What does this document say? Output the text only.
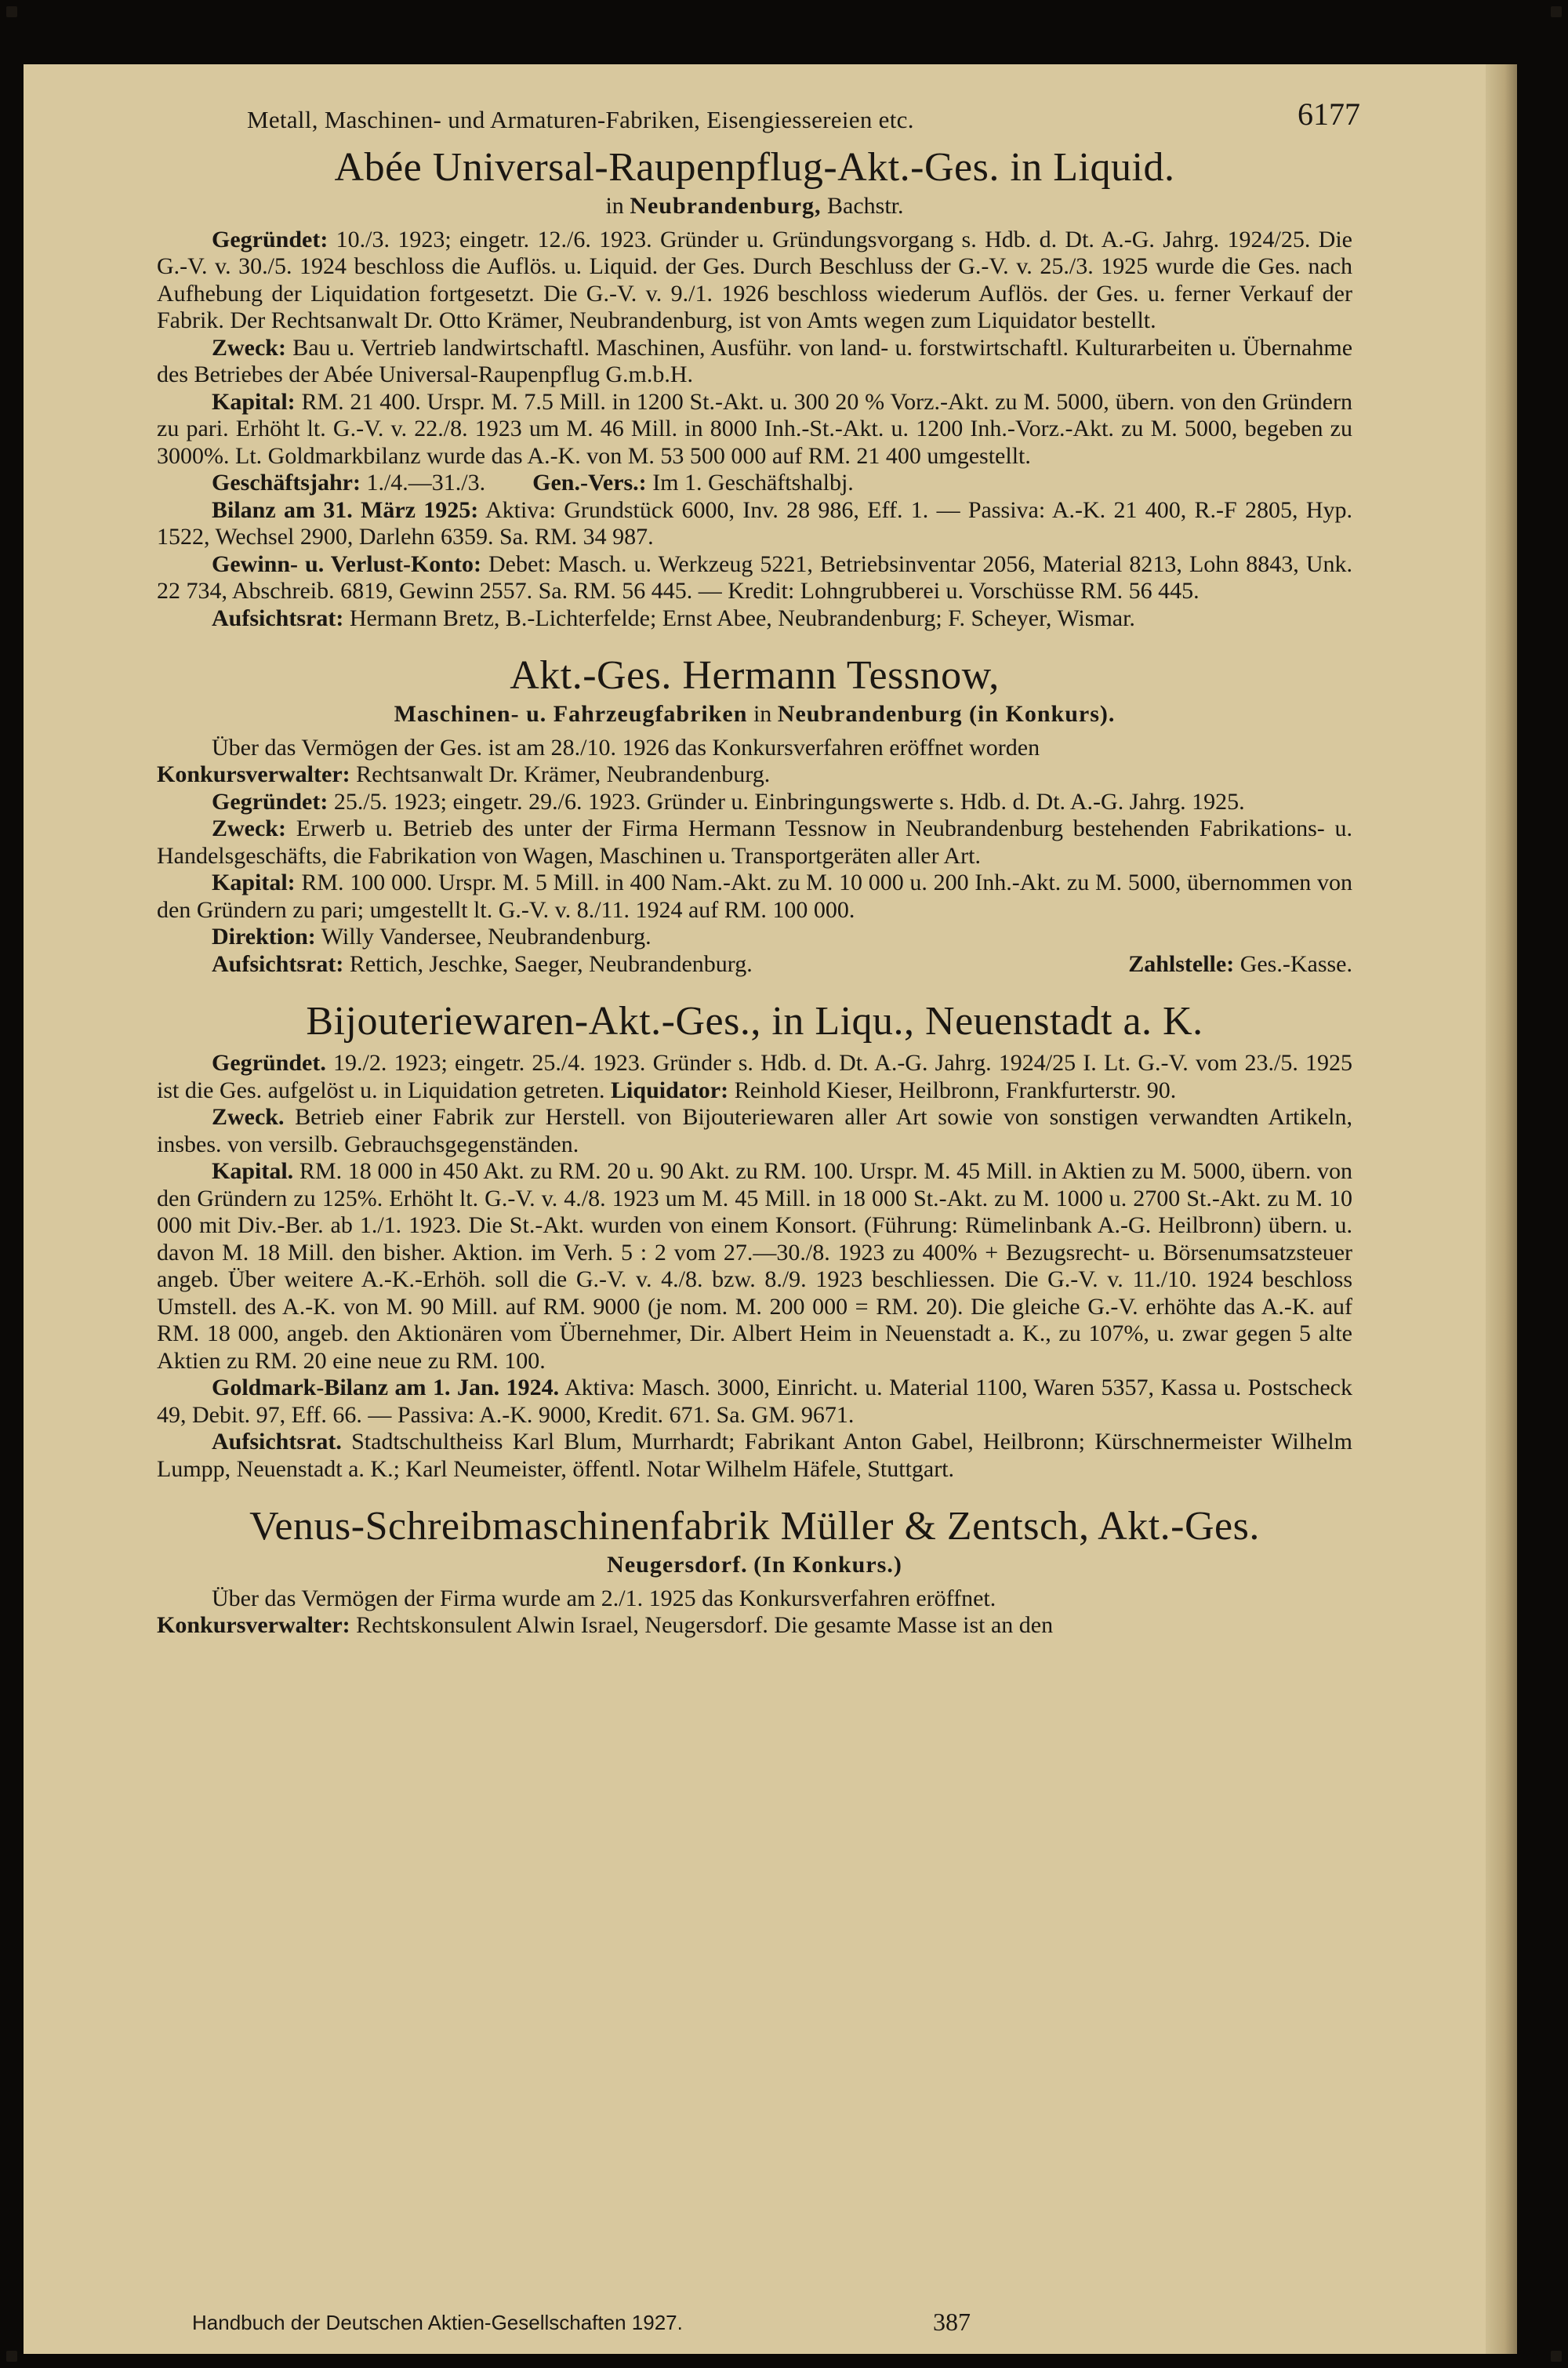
Metall, Maschinen- und Armaturen-Fabriken, Eisengiessereien etc.	6177
Abée Universal-Raupenpflug-Akt.-Ges. in Liquid.
in Neubrandenburg, Bachstr.

Gegründet: 10./3. 1923; eingetr. 12./6. 1923. Gründer u. Gründungsvorgang s. Hdb. d. Dt. A.-G. Jahrg. 1924/25. Die G.-V. v. 30./5. 1924 beschloss die Auflös. u. Liquid. der Ges. Durch Beschluss der G.-V. v. 25./3. 1925 wurde die Ges. nach Aufhebung der Liquidation fortgesetzt. Die G.-V. v. 9./1. 1926 beschloss wiederum Auflös. der Ges. u. ferner Verkauf der Fabrik. Der Rechtsanwalt Dr. Otto Krämer, Neubrandenburg, ist von Amts wegen zum Liquidator bestellt.

Zweck: Bau u. Vertrieb landwirtschaftl. Maschinen, Ausführ. von land- u. forstwirtschaftl. Kulturarbeiten u. Übernahme des Betriebes der Abée Universal-Raupenpflug G.m.b.H.

Kapital: RM. 21 400. Urspr. M. 7.5 Mill. in 1200 St.-Akt. u. 300 20 % Vorz.-Akt. zu M. 5000, übern. von den Gründern zu pari. Erhöht lt. G.-V. v. 22./8. 1923 um M. 46 Mill. in 8000 Inh.-St.-Akt. u. 1200 Inh.-Vorz.-Akt. zu M. 5000, begeben zu 3000%. Lt. Goldmarkbilanz wurde das A.-K. von M. 53 500 000 auf RM. 21 400 umgestellt.

Geschäftsjahr: 1./4.—31./3. Gen.-Vers.: Im 1. Geschäftshalbj.

Bilanz am 31. März 1925: Aktiva: Grundstück 6000, Inv. 28 986, Eff. 1. — Passiva: A.-K. 21 400, R.-F 2805, Hyp. 1522, Wechsel 2900, Darlehn 6359. Sa. RM. 34 987.

Gewinn- u. Verlust-Konto: Debet: Masch. u. Werkzeug 5221, Betriebsinventar 2056, Material 8213, Lohn 8843, Unk. 22 734, Abschreib. 6819, Gewinn 2557. Sa. RM. 56 445. — Kredit: Lohngrubberei u. Vorschüsse RM. 56 445.

Aufsichtsrat: Hermann Bretz, B.-Lichterfelde; Ernst Abee, Neubrandenburg; F. Scheyer, Wismar.

Akt.-Ges. Hermann Tessnow,
Maschinen- u. Fahrzeugfabriken in Neubrandenburg (in Konkurs).

Über das Vermögen der Ges. ist am 28./10. 1926 das Konkursverfahren eröffnet worden

Konkursverwalter: Rechtsanwalt Dr. Krämer, Neubrandenburg.

Gegründet: 25./5. 1923; eingetr. 29./6. 1923. Gründer u. Einbringungswerte s. Hdb. d. Dt. A.-G. Jahrg. 1925.

Zweck: Erwerb u. Betrieb des unter der Firma Hermann Tessnow in Neubrandenburg bestehenden Fabrikations- u. Handelsgeschäfts, die Fabrikation von Wagen, Maschinen u. Transportgeräten aller Art.

Kapital: RM. 100 000. Urspr. M. 5 Mill. in 400 Nam.-Akt. zu M. 10 000 u. 200 Inh.-Akt. zu M. 5000, übernommen von den Gründern zu pari; umgestellt lt. G.-V. v. 8./11. 1924 auf RM. 100 000.

Direktion: Willy Vandersee, Neubrandenburg.

Aufsichtsrat: Rettich, Jeschke, Saeger, Neubrandenburg.	Zahlstelle: Ges.-Kasse.

Bijouteriewaren-Akt.-Ges., in Liqu., Neuenstadt a. K.

Gegründet. 19./2. 1923; eingetr. 25./4. 1923. Gründer s. Hdb. d. Dt. A.-G. Jahrg. 1924/25 I. Lt. G.-V. vom 23./5. 1925 ist die Ges. aufgelöst u. in Liquidation getreten. Liquidator: Reinhold Kieser, Heilbronn, Frankfurterstr. 90.

Zweck. Betrieb einer Fabrik zur Herstell. von Bijouteriewaren aller Art sowie von sonstigen verwandten Artikeln, insbes. von versilb. Gebrauchsgegenständen.

Kapital. RM. 18 000 in 450 Akt. zu RM. 20 u. 90 Akt. zu RM. 100. Urspr. M. 45 Mill. in Aktien zu M. 5000, übern. von den Gründern zu 125%. Erhöht lt. G.-V. v. 4./8. 1923 um M. 45 Mill. in 18 000 St.-Akt. zu M. 1000 u. 2700 St.-Akt. zu M. 10 000 mit Div.-Ber. ab 1./1. 1923. Die St.-Akt. wurden von einem Konsort. (Führung: Rümelinbank A.-G. Heilbronn) übern. u. davon M. 18 Mill. den bisher. Aktion. im Verh. 5 : 2 vom 27.—30./8. 1923 zu 400% + Bezugsrecht- u. Börsenumsatzsteuer angeb. Über weitere A.-K.-Erhöh. soll die G.-V. v. 4./8. bzw. 8./9. 1923 beschliessen. Die G.-V. v. 11./10. 1924 beschloss Umstell. des A.-K. von M. 90 Mill. auf RM. 9000 (je nom. M. 200 000 = RM. 20). Die gleiche G.-V. erhöhte das A.-K. auf RM. 18 000, angeb. den Aktionären vom Übernehmer, Dir. Albert Heim in Neuenstadt a. K., zu 107%, u. zwar gegen 5 alte Aktien zu RM. 20 eine neue zu RM. 100.

Goldmark-Bilanz am 1. Jan. 1924. Aktiva: Masch. 3000, Einricht. u. Material 1100, Waren 5357, Kassa u. Postscheck 49, Debit. 97, Eff. 66. — Passiva: A.-K. 9000, Kredit. 671. Sa. GM. 9671.

Aufsichtsrat. Stadtschultheiss Karl Blum, Murrhardt; Fabrikant Anton Gabel, Heilbronn; Kürschnermeister Wilhelm Lumpp, Neuenstadt a. K.; Karl Neumeister, öffentl. Notar Wilhelm Häfele, Stuttgart.

Venus-Schreibmaschinenfabrik Müller & Zentsch, Akt.-Ges.
Neugersdorf. (In Konkurs.)

Über das Vermögen der Firma wurde am 2./1. 1925 das Konkursverfahren eröffnet.

Konkursverwalter: Rechtskonsulent Alwin Israel, Neugersdorf. Die gesamte Masse ist an den

Handbuch der Deutschen Aktien-Gesellschaften 1927.	387
